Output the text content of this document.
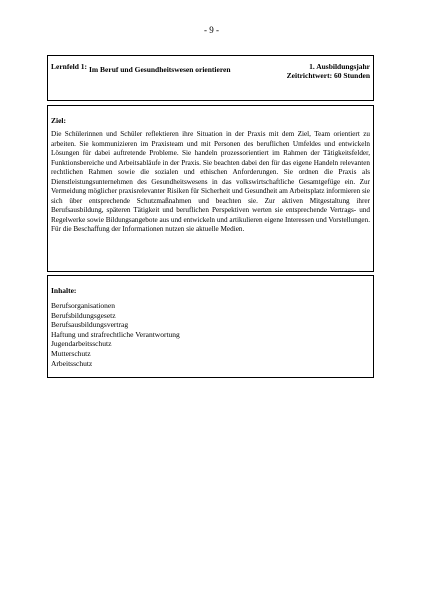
- 9 -
Lernfeld 1: Im Beruf und Gesundheitswesen orientieren	1. Ausbildungsjahr
Zeitrichtwert: 60 Stunden
Ziel:

Die Schülerinnen und Schüler reflektieren ihre Situation in der Praxis mit dem Ziel, Team orientiert zu arbeiten. Sie kommunizieren im Praxisteam und mit Personen des beruflichen Umfeldes und entwickeln Lösungen für dabei auftretende Probleme. Sie handeln prozessorientiert im Rahmen der Tätigkeitsfelder, Funktionsbereiche und Arbeitsabläufe in der Praxis. Sie beachten dabei den für das eigene Handeln relevanten rechtlichen Rahmen sowie die sozialen und ethischen Anforderungen. Sie ordnen die Praxis als Dienstleistungsunternehmen des Gesundheitswesens in das volkswirtschaftliche Gesamtgefüge ein. Zur Vermeidung möglicher praxisrelevanter Risiken für Sicherheit und Gesundheit am Arbeitsplatz informieren sie sich über entsprechende Schutzmaßnahmen und beachten sie. Zur aktiven Mitgestaltung ihrer Berufsausbildung, späteren Tätigkeit und beruflichen Perspektiven werten sie entsprechende Vertrags- und Regelwerke sowie Bildungsangebote aus und entwickeln und artikulieren eigene Interessen und Vorstellungen. Für die Beschaffung der Informationen nutzen sie aktuelle Medien.

Inhalte:
Berufsorganisationen
Berufsbildungsgesetz
Berufsausbildungsvertrag
Haftung und strafrechtliche Verantwortung
Jugendarbeitsschutz
Mutterschutz
Arbeitsschutz
